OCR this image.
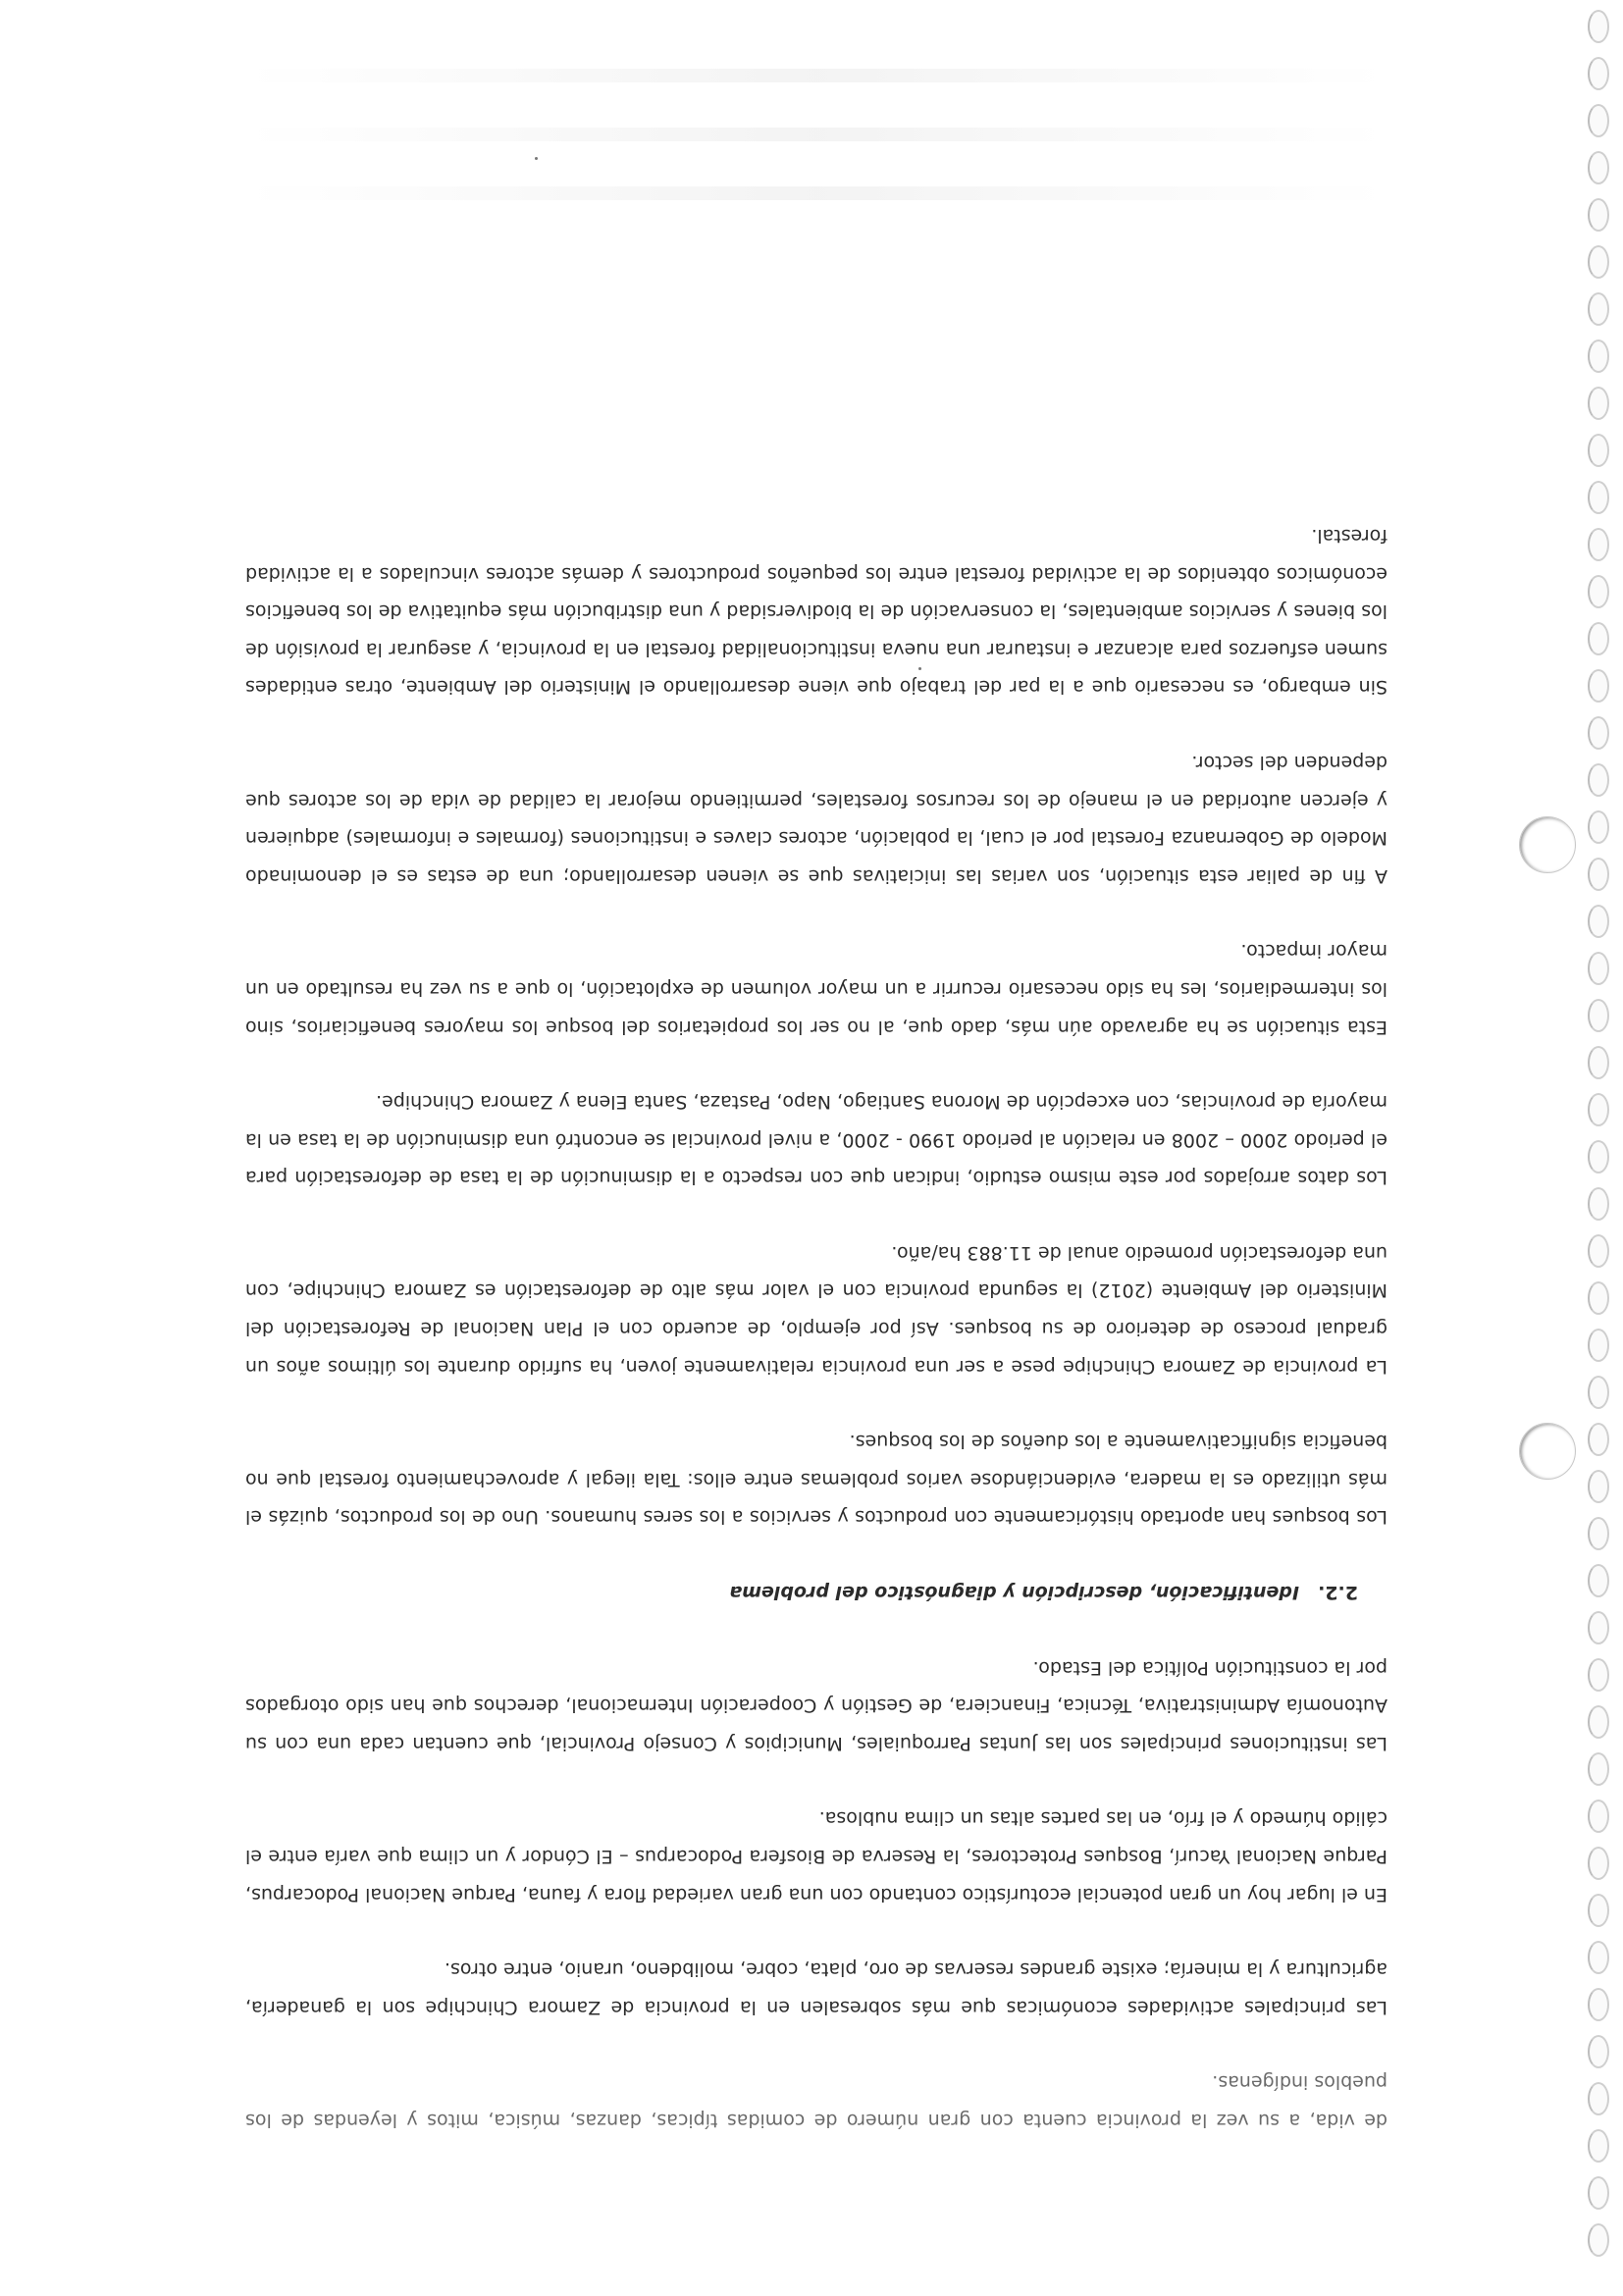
de vida, a su vez la provincia cuenta con gran número de comidas típicas, danzas, música, mitos y leyendas de los pueblos indígenas.

Las principales actividades económicas que más sobresalen en la provincia de Zamora Chinchipe son la ganadería, agricultura y la minería; existe grandes reservas de oro, plata, cobre, molibdeno, uranio, entre otros.

En el lugar hoy un gran potencial ecoturístico contando con una gran variedad flora y fauna, Parque Nacional Podocarpus, Parque Nacional Yacurí, Bosques Protectores, la Reserva de Biosfera Podocarpus – El Cóndor y un clima que varía entre el cálido húmedo y el frío, en las partes altas un clima nublosa.

Las instituciones principales son las Juntas Parroquiales, Municipios y Consejo Provincial, que cuentan cada una con su Autonomía Administrativa, Técnica, Financiera, de Gestión y Cooperación Internacional, derechos que han sido otorgados por la constitución Política del Estado.

2.2.Identificación, descripción y diagnóstico del problema

Los bosques han aportado históricamente con productos y servicios a los seres humanos. Uno de los productos, quizás el más utilizado es la madera, evidenciándose varios problemas entre ellos: Tala ilegal y aprovechamiento forestal que no beneficia significativamente a los dueños de los bosques.

La provincia de Zamora Chinchipe pese a ser una provincia relativamente joven, ha sufrido durante los últimos años un gradual proceso de deterioro de su bosques. Así por ejemplo, de acuerdo con el Plan Nacional de Reforestación del Ministerio del Ambiente (2012) la segunda provincia con el valor más alto de deforestación es Zamora Chinchipe, con una deforestación promedio anual de 11.883 ha/año.

Los datos arrojados por este mismo estudio, indican que con respecto a la disminución de la tasa de deforestación para el periodo 2000 – 2008 en relación al periodo 1990 - 2000, a nivel provincial se encontró una disminución de la tasa en la mayoría de provincias, con excepción de Morona Santiago, Napo, Pastaza, Santa Elena y Zamora Chinchipe.

Esta situación se ha agravado aún más, dado que, al no ser los propietarios del bosque los mayores beneficiarios, sino los intermediarios, les ha sido necesario recurrir a un mayor volumen de explotación, lo que a su vez ha resultado en un mayor impacto.

A fin de paliar esta situación, son varias las iniciativas que se vienen desarrollando; una de estas es el denominado Modelo de Gobernanza Forestal por el cual, la población, actores claves e instituciones (formales e informales) adquieren y ejercen autoridad en el manejo de los recursos forestales, permitiendo mejorar la calidad de vida de los actores que dependen del sector.

Sin embargo, es necesario que a la par del trabajo que viene desarrollando el Ministerio del Ambiente, otras entidades sumen esfuerzos para alcanzar e instaurar una nueva institucionalidad forestal en la provincia, y asegurar la provisión de los bienes y servicios ambientales, la conservación de la biodiversidad y una distribución más equitativa de los beneficios económicos obtenidos de la actividad forestal entre los pequeños productores y demás actores vinculados a la actividad forestal.
